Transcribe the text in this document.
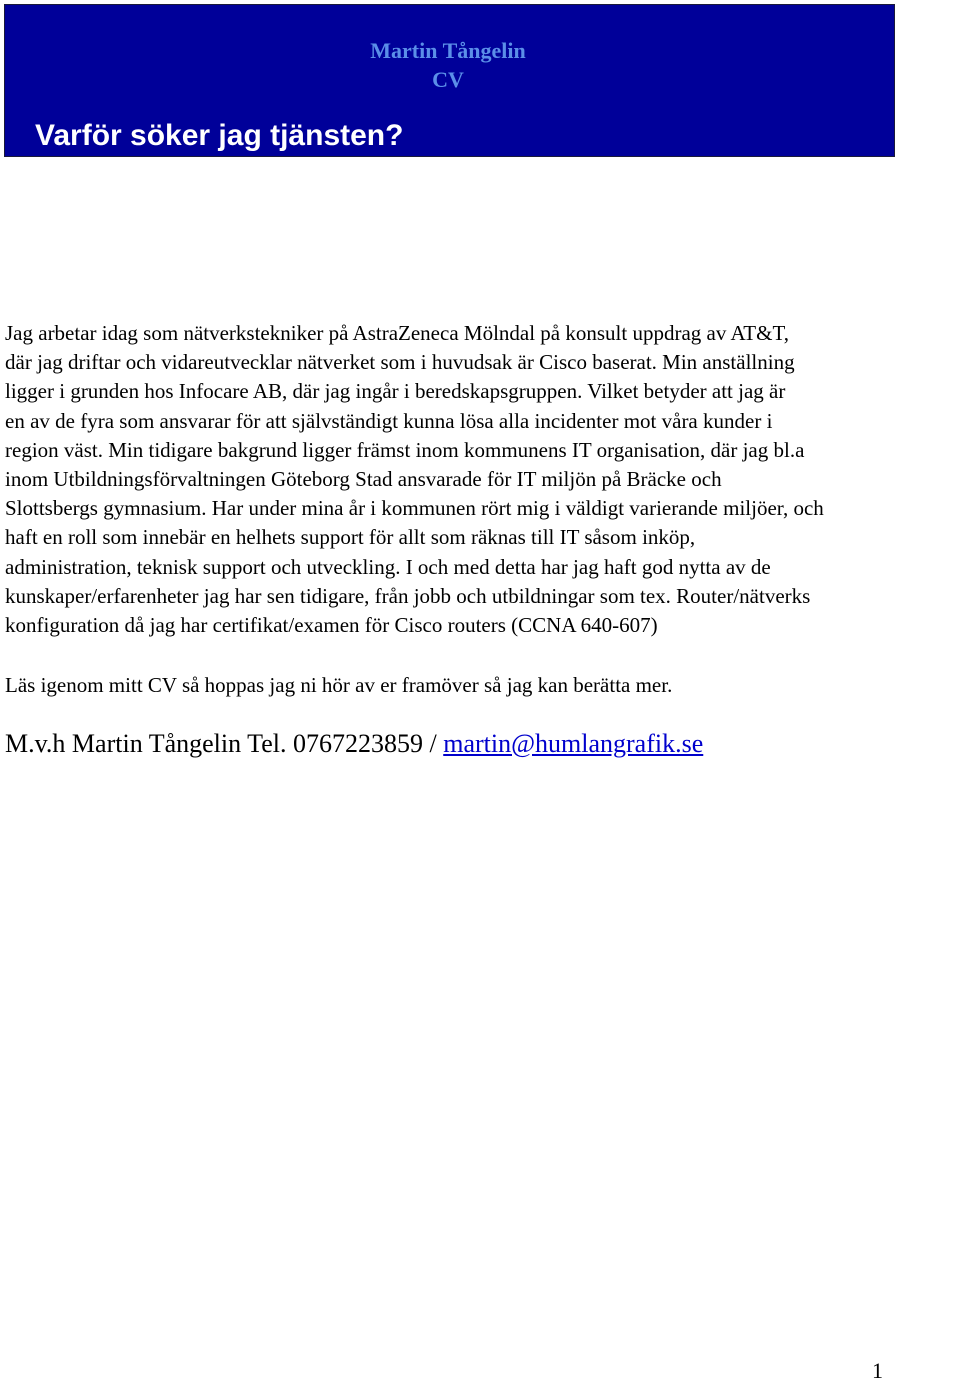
Martin Tångelin
CV
Varför söker jag tjänsten?

Jag arbetar idag som nätverkstekniker på AstraZeneca Mölndal på konsult uppdrag av AT&T,
där jag driftar och vidareutvecklar nätverket som i huvudsak är Cisco baserat. Min anställning
ligger i grunden hos Infocare AB, där jag ingår i beredskapsgruppen. Vilket betyder att jag är
en av de fyra som ansvarar för att självständigt kunna lösa alla incidenter mot våra kunder i
region väst. Min tidigare bakgrund ligger främst inom kommunens IT organisation, där jag bl.a
inom Utbildningsförvaltningen Göteborg Stad ansvarade för IT miljön på Bräcke och
Slottsbergs gymnasium. Har under mina år i kommunen rört mig i väldigt varierande miljöer, och
haft en roll som innebär en helhets support för allt som räknas till IT såsom inköp,
administration, teknisk support och utveckling. I och med detta har jag haft god nytta av de
kunskaper/erfarenheter jag har sen tidigare, från jobb och utbildningar som tex. Router/nätverks
konfiguration då jag har certifikat/examen för Cisco routers (CCNA 640-607)

Läs igenom mitt CV så hoppas jag ni hör av er framöver så jag kan berätta mer.

M.v.h Martin Tångelin Tel. 0767223859 / martin@humlangrafik.se

1
